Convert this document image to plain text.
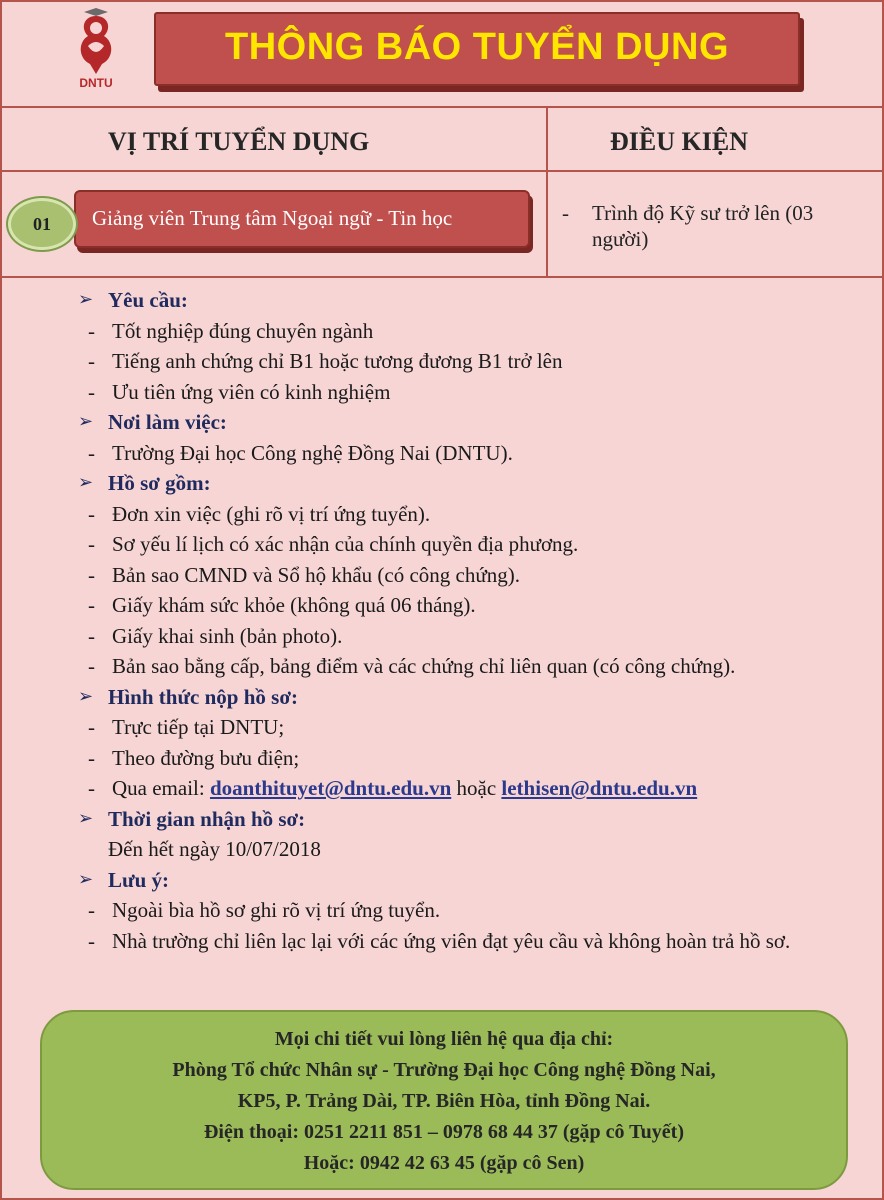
DNTU
THÔNG BÁO TUYỂN DỤNG
VỊ TRÍ TUYỂN DỤNG	ĐIỀU KIỆN
01	Giảng viên Trung tâm Ngoại ngữ - Tin học	- Trình độ Kỹ sư trở lên (03 người)
➢ Yêu cầu:
- Tốt nghiệp đúng chuyên ngành
- Tiếng anh chứng chỉ B1 hoặc tương đương B1 trở lên
- Ưu tiên ứng viên có kinh nghiệm
➢ Nơi làm việc:
- Trường Đại học Công nghệ Đồng Nai (DNTU).
➢ Hồ sơ gồm:
- Đơn xin việc (ghi rõ vị trí ứng tuyển).
- Sơ yếu lí lịch có xác nhận của chính quyền địa phương.
- Bản sao CMND và Sổ hộ khẩu (có công chứng).
- Giấy khám sức khỏe (không quá 06 tháng).
- Giấy khai sinh (bản photo).
- Bản sao bằng cấp, bảng điểm và các chứng chỉ liên quan (có công chứng).
➢ Hình thức nộp hồ sơ:
- Trực tiếp tại DNTU;
- Theo đường bưu điện;
- Qua email: doanthituyet@dntu.edu.vn hoặc lethisen@dntu.edu.vn
➢ Thời gian nhận hồ sơ:
Đến hết ngày 10/07/2018
➢ Lưu ý:
- Ngoài bìa hồ sơ ghi rõ vị trí ứng tuyển.
- Nhà trường chỉ liên lạc lại với các ứng viên đạt yêu cầu và không hoàn trả hồ sơ.
Mọi chi tiết vui lòng liên hệ qua địa chỉ:
Phòng Tổ chức Nhân sự - Trường Đại học Công nghệ Đồng Nai,
KP5, P. Trảng Dài, TP. Biên Hòa, tỉnh Đồng Nai.
Điện thoại: 0251 2211 851 – 0978 68 44 37 (gặp cô Tuyết)
Hoặc: 0942 42 63 45 (gặp cô Sen)
